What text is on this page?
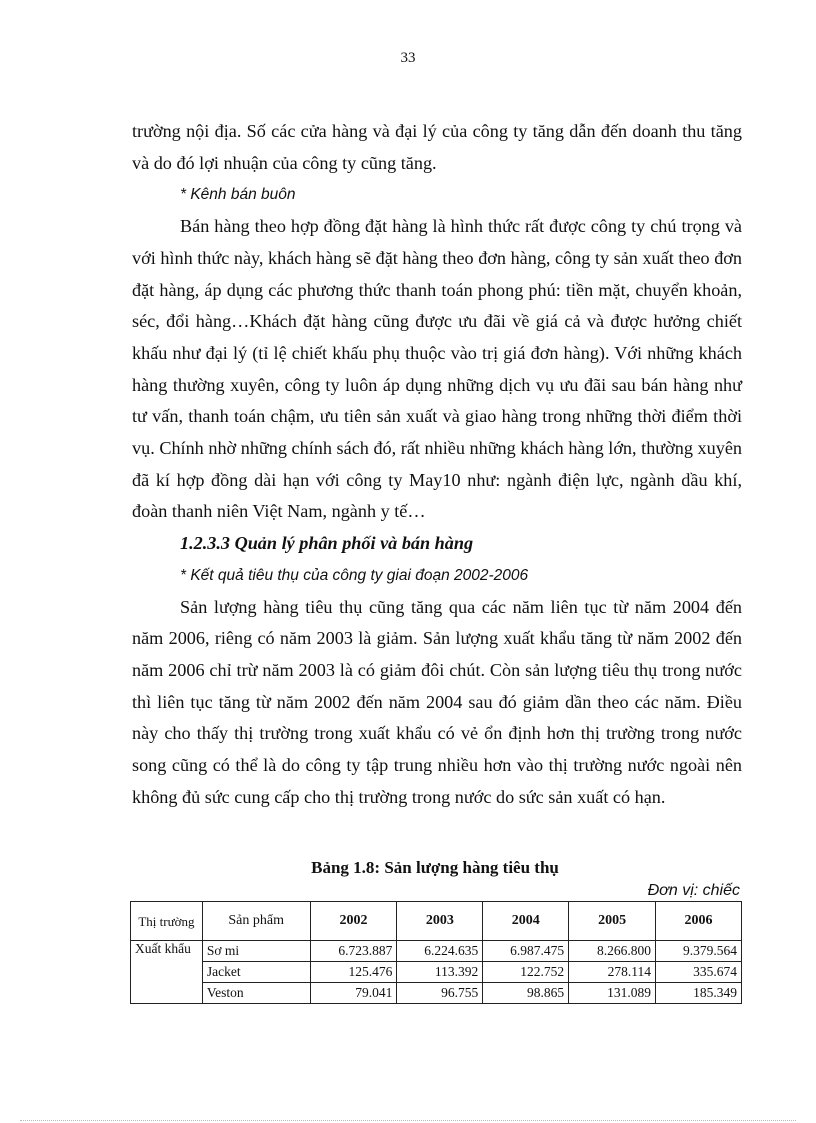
33

trường nội địa. Số các cửa hàng và đại lý của công ty tăng dẫn đến doanh thu tăng và do đó lợi nhuận của công ty cũng tăng.

* Kênh bán buôn

Bán hàng theo hợp đồng đặt hàng là hình thức rất được công ty chú trọng và với hình thức này, khách hàng sẽ đặt hàng theo đơn hàng, công ty sản xuất theo đơn đặt hàng, áp dụng các phương thức thanh toán phong phú: tiền mặt, chuyển khoản, séc, đổi hàng…Khách đặt hàng cũng được ưu đãi về giá cả và được hưởng chiết khấu như đại lý (tỉ lệ chiết khấu phụ thuộc vào trị giá đơn hàng). Với những khách hàng thường xuyên, công ty luôn áp dụng những dịch vụ ưu đãi sau bán hàng như tư vấn, thanh toán chậm, ưu tiên sản xuất và giao hàng trong những thời điểm thời vụ. Chính nhờ những chính sách đó, rất nhiều những khách hàng lớn, thường xuyên đã kí hợp đồng dài hạn với công ty May10 như: ngành điện lực, ngành dầu khí, đoàn thanh niên Việt Nam, ngành y tế…

1.2.3.3 Quản lý phân phối và bán hàng

* Kết quả tiêu thụ của công ty giai đoạn 2002-2006

Sản lượng hàng tiêu thụ cũng tăng qua các năm liên tục từ năm 2004 đến năm 2006, riêng có năm 2003 là giảm. Sản lượng xuất khẩu tăng từ năm 2002 đến năm 2006 chỉ trừ năm 2003 là có giảm đôi chút. Còn sản lượng tiêu thụ trong nước thì liên tục tăng từ năm 2002 đến năm 2004 sau đó giảm dần theo các năm. Điều này cho thấy thị trường trong xuất khẩu có vẻ ổn định hơn thị trường trong nước song cũng có thể là do công ty tập trung nhiều hơn vào thị trường nước ngoài nên không đủ sức cung cấp cho thị trường trong nước do sức sản xuất có hạn.

Bảng 1.8: Sản lượng hàng tiêu thụ
Đơn vị: chiếc
Thị trường	Sản phẩm	2002	2003	2004	2005	2006
Xuất khẩu	Sơ mi	6.723.887	6.224.635	6.987.475	8.266.800	9.379.564
	Jacket	125.476	113.392	122.752	278.114	335.674
	Veston	79.041	96.755	98.865	131.089	185.349
